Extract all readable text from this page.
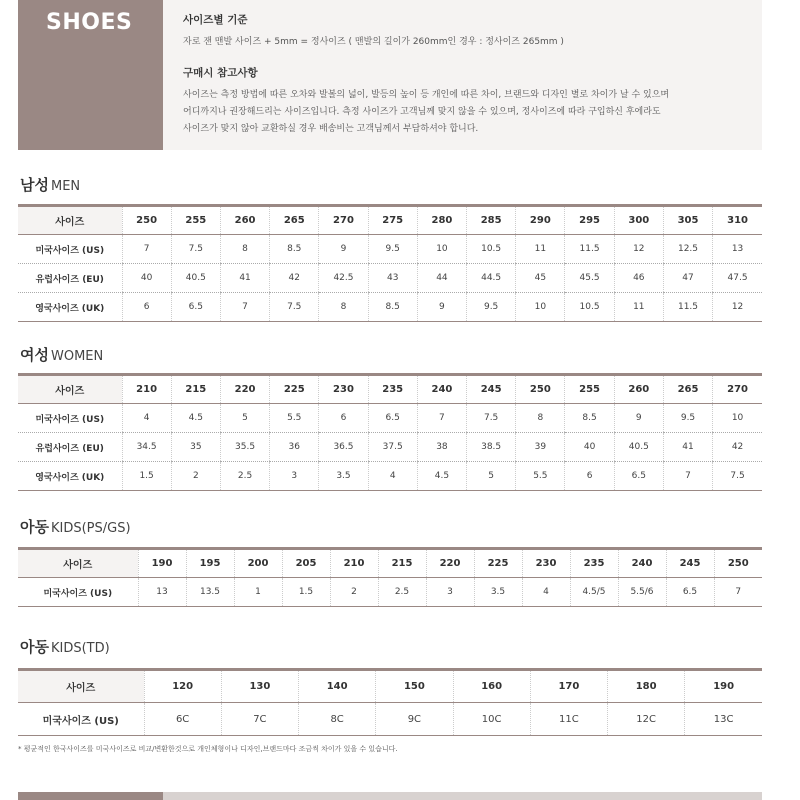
SHOES	사이즈별 기준

자로 잰 맨발 사이즈 + 5mm = 정사이즈 ( 맨발의 길이가 260mm인 경우 : 정사이즈 265mm )

구매시 참고사항

사이즈는 측정 방법에 따른 오차와 발볼의 넓이, 발등의 높이 등 개인에 따른 차이, 브랜드와 디자인 별로 차이가 날 수 있으며

어디까지나 권장해드리는 사이즈입니다. 측정 사이즈가 고객님께 맞지 않을 수 있으며, 정사이즈에 따라 구입하신 후에라도

사이즈가 맞지 않아 교환하실 경우 배송비는 고객님께서 부담하셔야 합니다.

남성 MEN
사이즈	250	255	260	265	270	275	280	285	290	295	300	305	310
미국사이즈 (US)	7	7.5	8	8.5	9	9.5	10	10.5	11	11.5	12	12.5	13
유럽사이즈 (EU)	40	40.5	41	42	42.5	43	44	44.5	45	45.5	46	47	47.5
영국사이즈 (UK)	6	6.5	7	7.5	8	8.5	9	9.5	10	10.5	11	11.5	12
여성 WOMEN
사이즈	210	215	220	225	230	235	240	245	250	255	260	265	270
미국사이즈 (US)	4	4.5	5	5.5	6	6.5	7	7.5	8	8.5	9	9.5	10
유럽사이즈 (EU)	34.5	35	35.5	36	36.5	37.5	38	38.5	39	40	40.5	41	42
영국사이즈 (UK)	1.5	2	2.5	3	3.5	4	4.5	5	5.5	6	6.5	7	7.5
아동 KIDS(PS/GS)
사이즈	190	195	200	205	210	215	220	225	230	235	240	245	250
미국사이즈 (US)	13	13.5	1	1.5	2	2.5	3	3.5	4	4.5/5	5.5/6	6.5	7
아동 KIDS(TD)
사이즈	120	130	140	150	160	170	180	190
미국사이즈 (US)	6C	7C	8C	9C	10C	11C	12C	13C
* 평균적인 한국사이즈를 미국사이즈로 비교/변환한것으로 개인체형이나 디자인,브랜드마다 조금씩 차이가 있을 수 있습니다.
